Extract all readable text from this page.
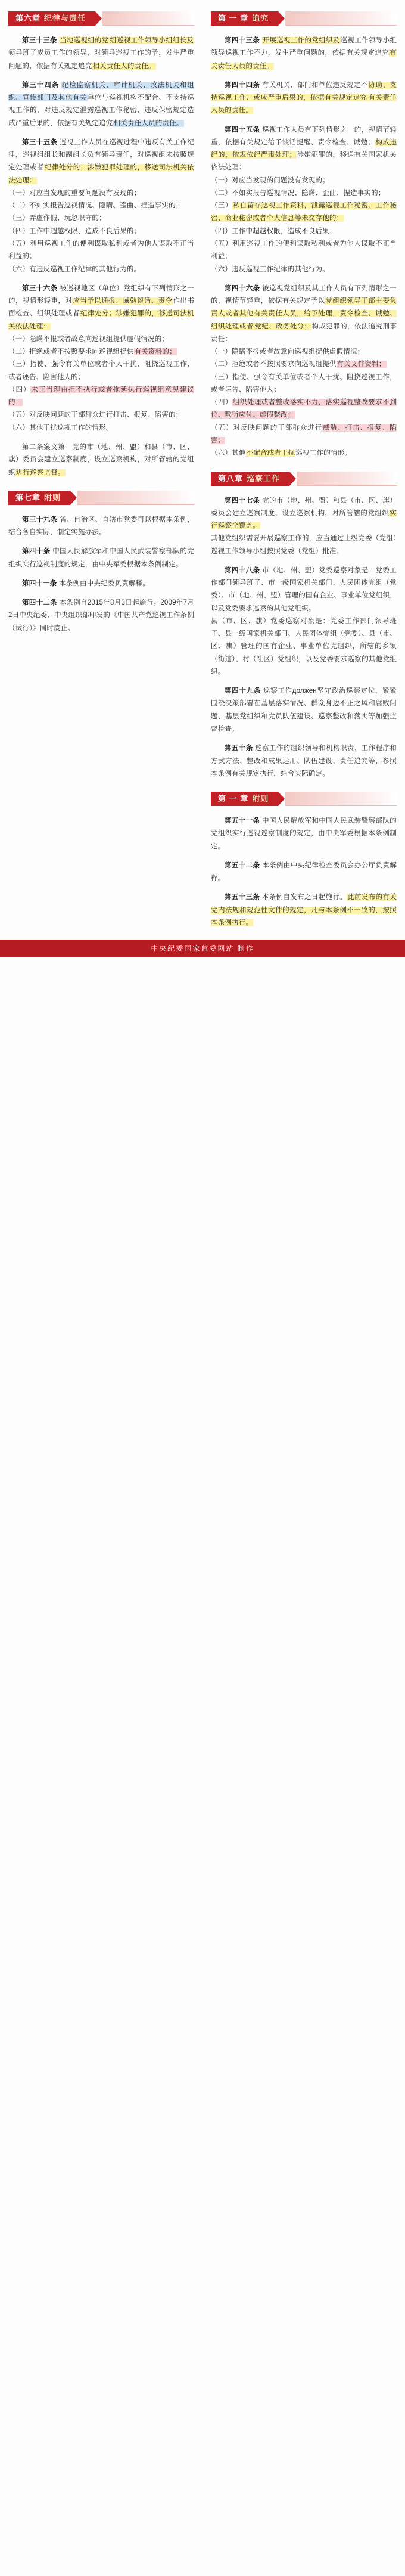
第六章 纪律与责任

第三十三条 当地巡视组的党 组巡视工作领导小组组长及领导班子成员工作的领导，对领导巡视工作的予，发生严重问题的，依据有关规定追究相关责任人的责任。

第三十四条 纪检监察机关、审计机关、政法机关和组织、宣传部门及其他有关单位与巡视机构不配合、不支持巡视工作的，对违反规定泄露巡视工作秘密、违反保密规定造成严重后果的，依据有关规定追究相关责任人员的责任。

第三十五条 巡视工作人员在巡视过程中违反有关工作纪律，巡视组组长和副组长负有领导责任，对巡视组未按照规定处理或者纪律处分的；涉嫌犯罪处理的，移送司法机关依法处理：
（一）对应当发现的重要问题没有发现的；
（二）不如实报告巡视情况、隐瞒、歪曲、捏造事实的；
（三）弄虚作假、玩忽职守的；
（四）工作中超越权限、造成不良后果的；
（五）利用巡视工作的便利谋取私利或者为他人谋取不正当利益的；
（六）有违反巡视工作纪律的其他行为的。

第三十六条 被巡视地区（单位）党组织有下列情形之一的，视情形轻重，对应当予以通报、诫勉谈话、责令作出书面检查、组织处理或者纪律处分；涉嫌犯罪的，移送司法机关依法处理：
（一）隐瞒不报或者故意向巡视组提供虚假情况的；
（二）拒绝或者不按照要求向巡视组提供有关资料的；
（三）指使、强令有关单位或者个人干扰、阻挠巡视工作，或者诬告、陷害他人的；
（四）未正当理由拒不执行或者拖延执行巡视组意见建议的；
（五）对反映问题的干部群众进行打击、报复、陷害的；
（六）其他干扰巡视工作的情形。

第二条案文第　党的市（地、州、盟）和县（市、区、旗）委员会建立巡察制度，设立巡察机构，对所管辖的党组织进行巡察监督。

第七章 附则

第三十九条 省、自治区、直辖市党委可以根据本条例，结合各自实际，制定实施办法。

第四十条 中国人民解放军和中国人民武装警察部队的党组织实行巡视制度的规定，由中央军委根据本条例制定。

第四十一条 本条例由中央纪委负责解释。

第四十二条 本条例自2015年8月3日起施行。2009年7月2日中央纪委、中央组织部印发的《中国共产党巡视工作条例（试行）》同时废止。

第 一 章 追究

第四十三条 开展巡视工作的党组织及巡视工作领导小组领导巡视工作不力，发生严重问题的，依据有关规定追究有关责任人员的责任。

第四十四条 有关机关、部门和单位违反规定不协助、支持巡视工作、或成严重后果的，依据有关规定追究 有关责任人员的责任。

第四十五条 巡视工作人员有下列情形之一的，视情节轻重，依据有关规定给予谈话提醒、责令检查、诫勉；构成违纪的，依规依纪严肃处理；涉嫌犯罪的，移送有关国家机关依法处理：
（一）对应当发现的问题没有发现的；
（二）不如实报告巡视情况、隐瞒、歪曲、捏造事实的；
（三）私自留存巡视工作资料，泄露巡视工作秘密、工作秘密、商业秘密或者个人信息等未交存他的；
（四）工作中超越权限，造成不良后果；
（五）利用巡视工作的便利谋取私利或者为他人谋取不正当利益；
（六）违反巡视工作纪律的其他行为。

第四十六条 被巡视党组织及其工作人员有下列情形之一的，视情节轻重，依据有关规定予以党组织领导干部主要负责人或者其他有关责任人员，给予处理，责令检查、诫勉、组织处理或者 党纪、政务处分；构成犯罪的，依法追究刑事责任：
（一）隐瞒不报或者故意向巡视组提供虚假情况；
（二）拒绝或者不按照要求向巡视组提供有关文件资料；
（三）指使、强令有关单位或者个人干扰、阻挠巡视工作，或者诬告、陷害他人；
（四）组织处理或者整改落实不力，落实巡视整改要求不到位、敷衍应付、虚假整改；
（五）对反映问题的干部群众进行威胁、打击、报复、陷害；
（六）其他不配合或者干扰巡视工作的情形。

第八章 巡察工作

第四十七条 党的市（地、州、盟）和县（市、区、旗）委员会建立巡察制度，设立巡察机构，对所管辖的党组织实行巡察全覆盖。
其他党组织需要开展巡察工作的，应当通过上级党委（党组）巡视工作领导小组按照党委（党组）批准。

第四十八条 市（地、州、盟）党委巡察对象是：党委工作部门领导班子、市一级国家机关部门、人民团体党组（党委）、市（地、州、盟）管理的国有企业、事业单位党组织，以及党委要求巡察的其他党组织。
县（市、区、旗）党委巡察对象是：党委工作部门领导班子、县一级国家机关部门、人民团体党组（党委）、县（市、区、旗）管理的国有企业、事业单位党组织，所辖的乡镇（街道）、村（社区）党组织，以及党委要求巡察的其他党组织。

第四十九条 巡察工作должен坚守政治巡察定位，紧紧围绕决策部署在基层落实情况、群众身边不正之风和腐败问题、基层党组织和党员队伍建设、巡察整改和落实等加强监督检查。

第五十条 巡察工作的组织领导和机构职责、工作程序和方式方法、整改和成果运用、队伍建设、责任追究等，参照本条例有关规定执行，结合实际确定。

第 一 章 附则

第五十一条 中国人民解放军和中国人民武装警察部队的党组织实行巡视巡察制度的规定，由中央军委根据本条例制定。

第五十二条 本条例由中央纪律检查委员会办公厅负责解释。

第五十三条 本条例自发布之日起施行。此前发布的有关党内法规和规范性文件的规定，凡与本条例不一致的，按照本条例执行。

中央纪委国家监委网站 制作
